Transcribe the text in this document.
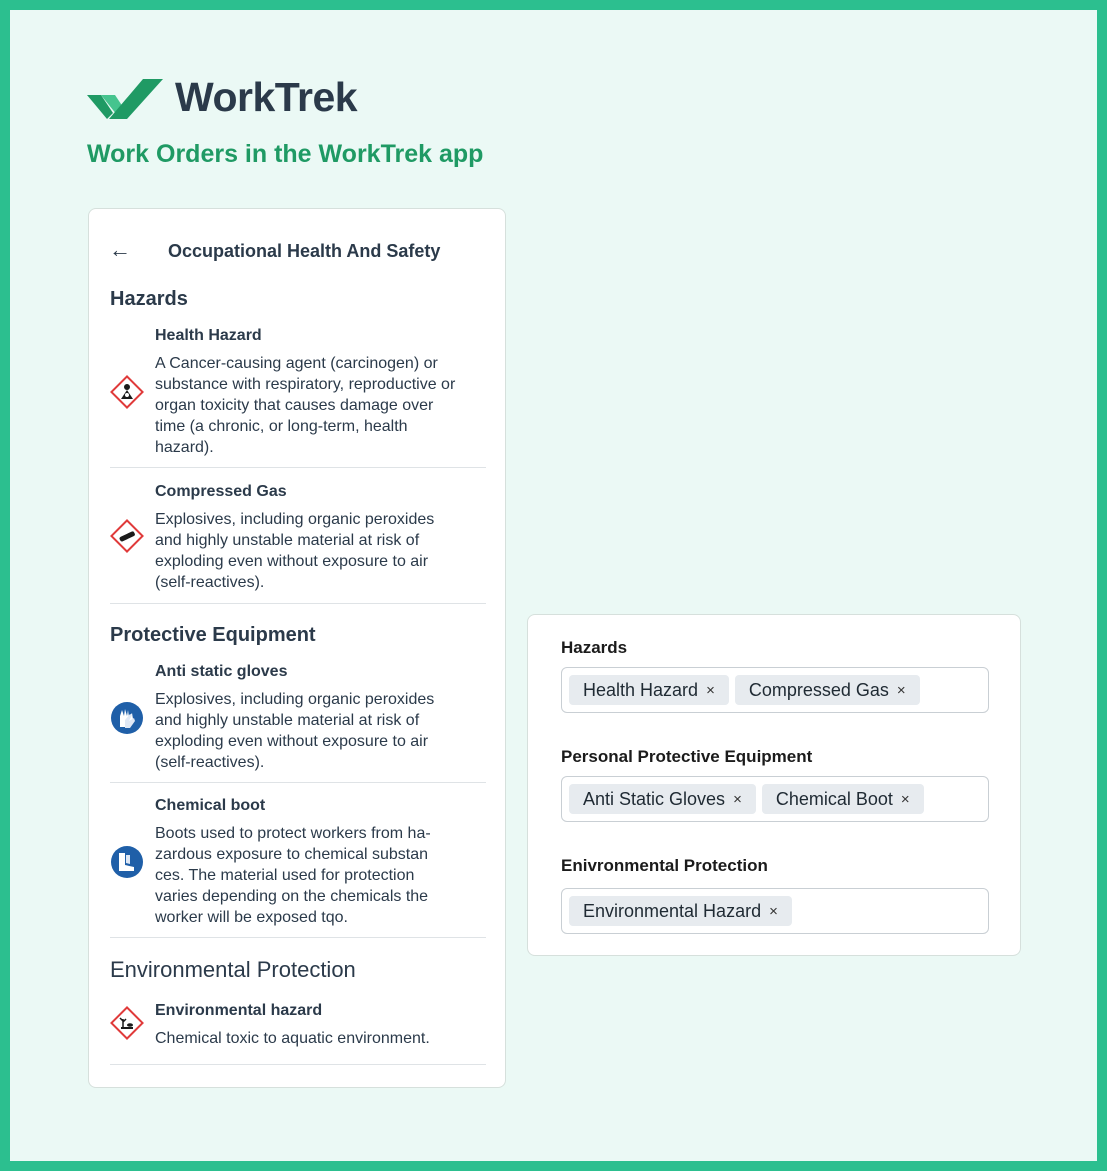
WorkTrek
Work Orders in the WorkTrek app
← Occupational Health And Safety
Hazards
Health Hazard
A Cancer-causing agent (carcinogen) or
substance with respiratory, reproductive or
organ toxicity that causes damage over
time (a chronic, or long-term, health
hazard).
Compressed Gas
Explosives, including organic peroxides
and highly unstable material at risk of
exploding even without exposure to air
(self-reactives).
Protective Equipment
Anti static gloves
Explosives, including organic peroxides
and highly unstable material at risk of
exploding even without exposure to air
(self-reactives).
Chemical boot
Boots used to protect workers from ha-
zardous exposure to chemical substan
ces. The material used for protection
varies depending on the chemicals the
worker will be exposed tqo.
Environmental Protection
Environmental hazard
Chemical toxic to aquatic environment.
Hazards
Health Hazard × Compressed Gas ×
Personal Protective Equipment
Anti Static Gloves × Chemical Boot ×
Enivronmental Protection
Environmental Hazard ×
